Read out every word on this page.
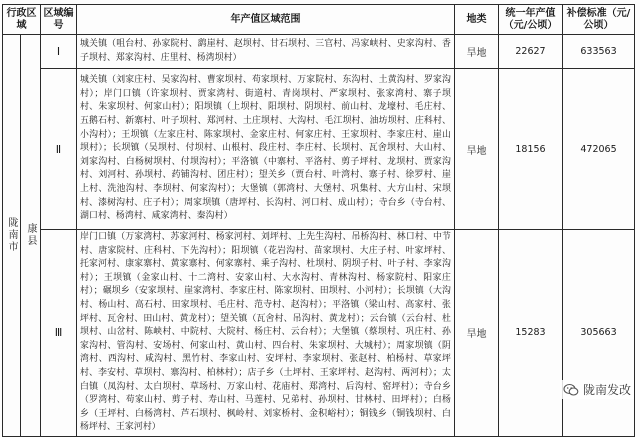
行政区域		区域编号	年产值区域范围	地类	统一年产值（元/公顷）	补偿标准（元/公顷）

陇南市	康县	Ⅰ	城关镇（咀台村、孙家院村、鹞崖村、赵坝村、甘石坝村、三官村、冯家峡村、史家沟村、香子坝村、郑家沟村、庄里村、杨湾坝村）	旱地	22627	633563
		Ⅱ	城关镇（刘家庄村、吴家沟村、曹家坝村、苟家坝村、万家院村、东沟村、土黄沟村、罗家沟村）；岸门口镇（许家坝村、贾家湾村、街道村、青岗坝村、严家坝村、张家湾村、寨子坝村、朱家坝村、何家山村）；阳坝镇（上坝村、阳坝村、阴坝村、前山村、龙壕村、毛庄村、五鹅石村、新寨村、叶子坝村、郑河村、土庄坝村、大沟村、毛江坝村、油坊坝村、庄科村、小沟村）；王坝镇（左家庄村、陈家坝村、金家庄村、何家庄村、王家坝村、李家庄村、崖山坝村）；长坝镇（吴坝村、付坝村、山根村、段庄村、李庄村、长坝村、瓦舍坝村、大山村、刘家沟村、白杨树坝村、付坝沟村）；平洛镇（中寨村、平洛村、剪子坪村、龙坝村、贾家沟村、刘河村、孙坝村、药铺沟村、团庄村）；望关乡（贾台村、叶湾村、寨子村、徐罗村、崖上村、洗池沟村、李坝村、何家沟村）；大堡镇（郭湾村、大堡村、巩集村、大方山村、宋坝村、漆树沟村、庄子村）；周家坝镇（唐坪村、长沟村、河口村、成山村）；寺台乡（寺台村、湖口村、杨湾村、咸家湾村、秦沟村）	旱地	18156	472065
		Ⅲ	岸门口镇（万家湾村、苏家河村、杨家河村、刘坪村、上先生沟村、吊桥沟村、林口村、中节村、唐家院村、庄科村、下先沟村）；阳坝镇（花岩沟村、苗家坝村、大庄子村、叶家坪村、托家河村、康家寨村、黄家寨村、何家寨村、乘子沟村、杜坝村、阴坝子村、叶子村、李家沟村）；王坝镇（金家山村、十二湾村、安家山村、大水沟村、青林沟村、杨家院村、阳家庄村）；碾坝乡（安家坝村、崖家湾村、李家庄村、陈家坝村、田坝村、小河村）；长坝镇（大沟村、杨山村、高石村、田家坝村、毛庄村、范寺村、赵沟村）；平洛镇（梁山村、高家村、张坪村、瓦舍村、田山村、黄龙村）；望关镇（瓦舍村、吊沟村、黄龙村）；云台镇（云台村、杜坝村、山岔村、陈峡村、中院村、大院村、杨庄村、云台村）；大堡镇（蔡坝村、巩庄村、孙家沟村、管沟村、安场村、何家山村、黄山村、四台村、朱家坝村、大城村）；周家坝镇（阴湾村、西沟村、咸沟村、黑竹村、李家山村、安坪村、李家坝村、张赵村、柏杨村、草家坪村、李安村、草坝村、寨沟村、柏林村）；店子乡（土坪村、王家坪村、赵沟村、两河村）；太白镇（凤沟村、太白坝村、草场村、万家山村、花庙村、郑湾村、后沟村、窑坪村）；寺台乡（罗湾村、苟家山村、剪子村、寿山村、马莲村、兄弟村、孙坝村、甘林村、田坪村）；白杨乡（王坪村、白杨湾村、芦石坝村、枫岭村、刘家桥村、金积峪村）；铜钱乡（铜钱坝村、白杨坪村、王家河村）	旱地	15283	305663
陇南发改
